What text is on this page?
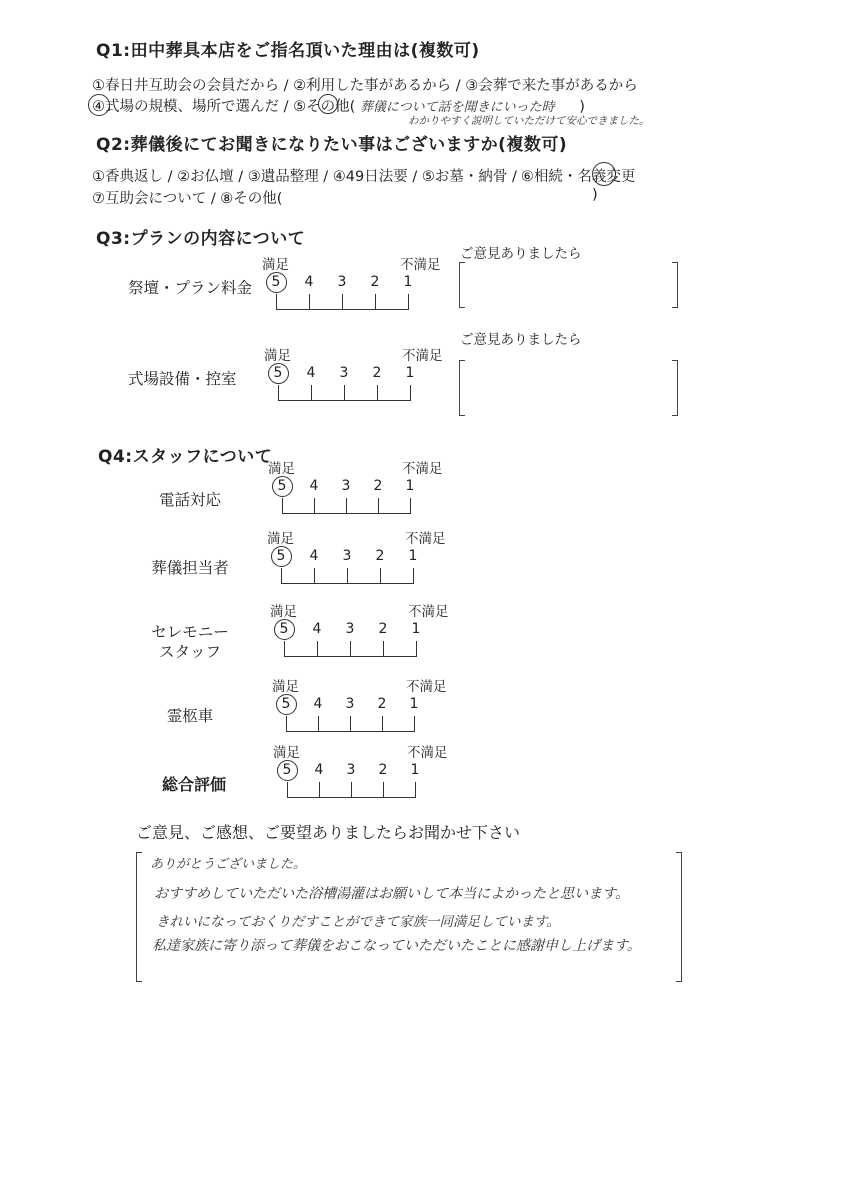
Q1:田中葬具本店をご指名頂いた理由は(複数可)
①春日井互助会の会員だから / ②利用した事があるから / ③会葬で来た事があるから
④式場の規模、場所で選んだ / ⑤その他( 葬儀について話を聞きにいった時 )
わかりやすく説明していただけて安心できました。
Q2:葬儀後にてお聞きになりたい事はございますか(複数可)
①香典返し / ②お仏壇 / ③遺品整理 / ④49日法要 / ⑤お墓・納骨 / ⑥相続・名義変更
⑦互助会について / ⑧その他(	)
Q3:プランの内容について
祭壇・プラン料金
満足	不満足
5 4 3 2 1
ご意見ありましたら
式場設備・控室
満足	不満足
5 4 3 2 1
ご意見ありましたら
Q4:スタッフについて
電話対応
満足	不満足
5 4 3 2 1
葬儀担当者
満足	不満足
5 4 3 2 1
セレモニー
スタッフ
満足	不満足
5 4 3 2 1
霊柩車
満足	不満足
5 4 3 2 1
総合評価
満足	不満足
5 4 3 2 1
ご意見、ご感想、ご要望ありましたらお聞かせ下さい
ありがとうございました。
おすすめしていただいた浴槽湯灌はお願いして本当によかったと思います。
きれいになっておくりだすことができて家族一同満足しています。
私達家族に寄り添って葬儀をおこなっていただいたことに感謝申し上げます。
